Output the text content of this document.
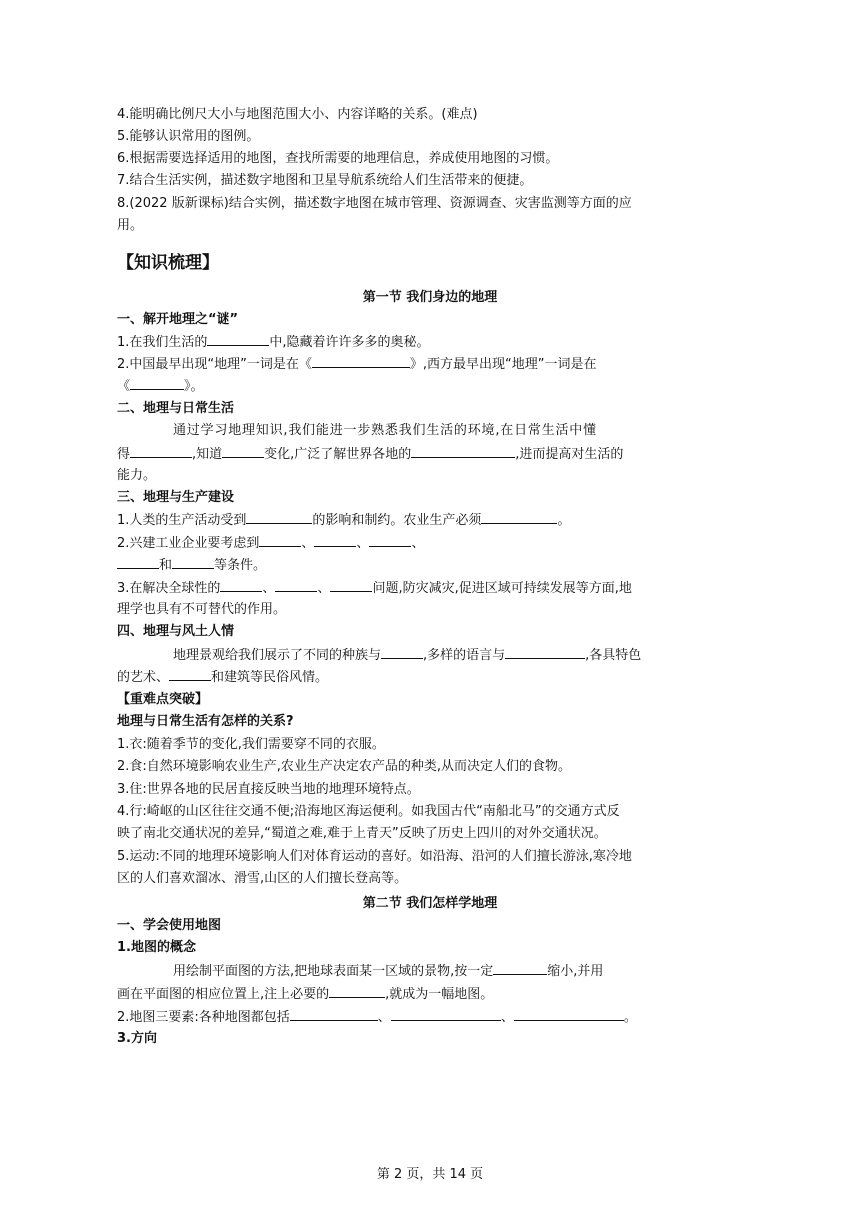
4.能明确比例尺大小与地图范围大小、内容详略的关系。(难点)
5.能够认识常用的图例。
6.根据需要选择适用的地图，查找所需要的地理信息，养成使用地图的习惯。
7.结合生活实例，描述数字地图和卫星导航系统给人们生活带来的便捷。
8.(2022 版新课标)结合实例，描述数字地图在城市管理、资源调查、灾害监测等方面的应
用。
【知识梳理】
第一节 我们身边的地理
一、解开地理之“谜”
1.在我们生活的	中,隐藏着许许多多的奥秘。
2.中国最早出现“地理”一词是在《	》,西方最早出现“地理”一词是在
《	》。
二、地理与日常生活
通过学习地理知识,我们能进一步熟悉我们生活的环境,在日常生活中懂
得	,知道	变化,广泛了解世界各地的	,进而提高对生活的
能力。
三、地理与生产建设
1.人类的生产活动受到	的影响和制约。农业生产必须	。
2.兴建工业企业要考虑到	、	、	、
和	等条件。
3.在解决全球性的	、	、	问题,防灾减灾,促进区域可持续发展等方面,地
理学也具有不可替代的作用。
四、地理与风土人情
地理景观给我们展示了不同的种族与	,多样的语言与	,各具特色
的艺术、	和建筑等民俗风情。
【重难点突破】
地理与日常生活有怎样的关系?
1.衣:随着季节的变化,我们需要穿不同的衣服。
2.食:自然环境影响农业生产,农业生产决定农产品的种类,从而决定人们的食物。
3.住:世界各地的民居直接反映当地的地理环境特点。
4.行:崎岖的山区往往交通不便;沿海地区海运便利。如我国古代“南船北马”的交通方式反
映了南北交通状况的差异,“蜀道之难,难于上青天”反映了历史上四川的对外交通状况。
5.运动:不同的地理环境影响人们对体育运动的喜好。如沿海、沿河的人们擅长游泳,寒冷地
区的人们喜欢溜冰、滑雪,山区的人们擅长登高等。
第二节 我们怎样学地理
一、学会使用地图
1.地图的概念
用绘制平面图的方法,把地球表面某一区域的景物,按一定	缩小,并用
画在平面图的相应位置上,注上必要的	,就成为一幅地图。
2.地图三要素:各种地图都包括	、	、	。
3.方向
第 2 页，共 14 页
